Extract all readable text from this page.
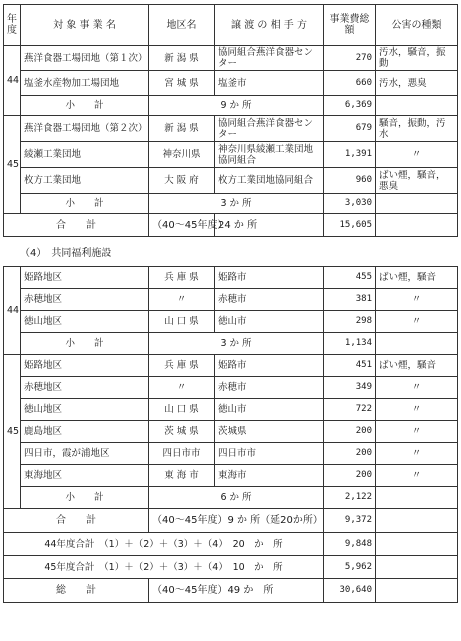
年度	対 象 事 業 名	地区名	譲 渡 の 相 手 方	事業費総 額	公害の種類
44	燕洋食器工場団地（第１次）	新 潟 県	協同組合燕洋食器センター	270	汚水，騒音，振動
	塩釜水産物加工場団地	宮 城 県	塩釜市	660	汚水，悪臭
	小　　計	9 か 所		6,369	
45	燕洋食器工場団地（第２次）	新 潟 県	協同組合燕洋食器センター	679	騒音，振動，汚水
	綾瀬工業団地	神奈川県	神奈川県綾瀬工業団地協同組合	1,391	〃
	枚方工業団地	大 阪 府	枚方工業団地協同組合	960	ばい煙，騒音，悪臭
	小　　計	3 か 所		3,030	
合　　計		（40～45年度）	24 か 所	15,605	
（4）　共同福利施設
44	姫路地区	兵 庫 県	姫路市	455	ばい煙，騒音
	赤穂地区	〃	赤穂市	381	〃
	徳山地区	山 口 県	徳山市	298	〃
	小　　計	3 か 所		1,134	
45	姫路地区	兵 庫 県	姫路市	451	ばい煙，騒音
	赤穂地区	〃	赤穂市	349	〃
	徳山地区	山 口 県	徳山市	722	〃
	鹿島地区	茨 城 県	茨城県	200	〃
	四日市，霞が浦地区	四日市市	四日市市	200	〃
	東海地区	東 海 市	東海市	200	〃
	小　　計	6 か 所		2,122	
合　　計		（40～45年度）9 か 所（延20か所）		9,372	
44年度合計　（1）＋（2）＋（3）＋（4）　20　か　所				9,848	
45年度合計　（1）＋（2）＋（3）＋（4）　10　か　所				5,962	
総　　計		（40～45年度）49 か　所		30,640	
